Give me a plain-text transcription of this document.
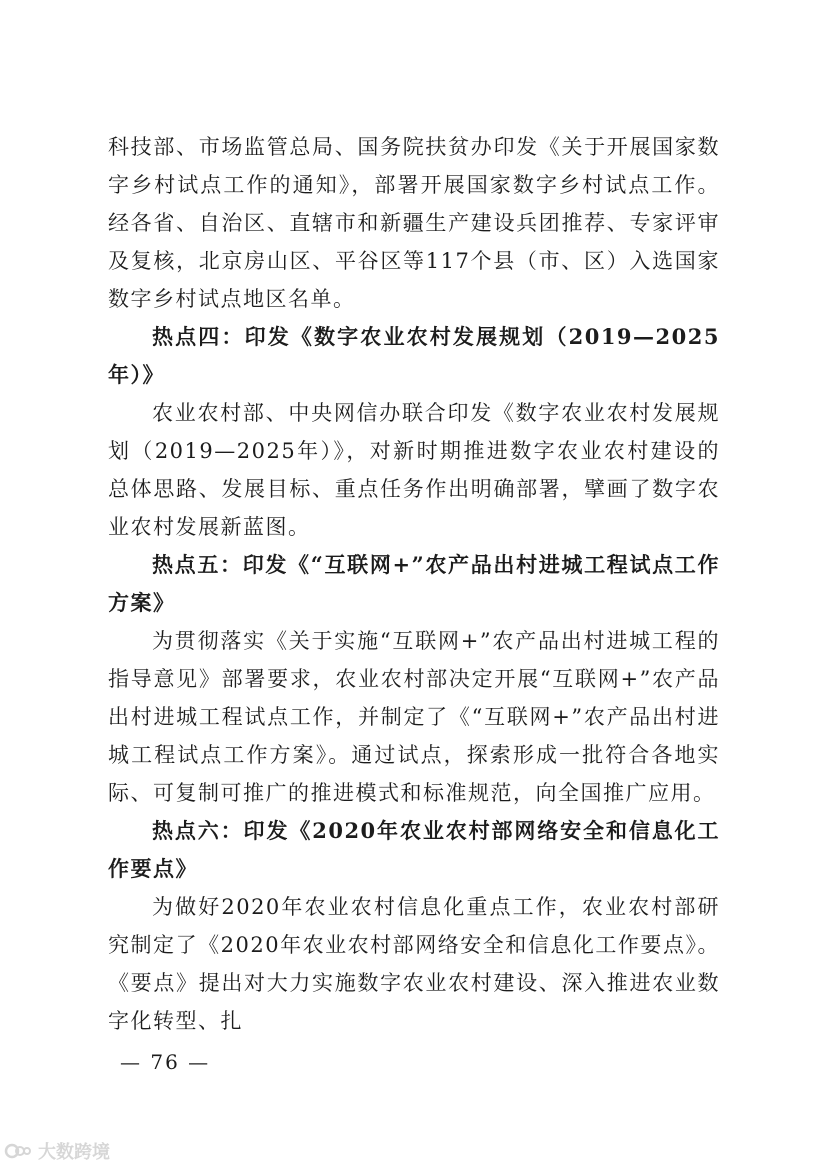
科技部、市场监管总局、国务院扶贫办印发《关于开展国家数字乡村试点工作的通知》，部署开展国家数字乡村试点工作。经各省、自治区、直辖市和新疆生产建设兵团推荐、专家评审及复核，北京房山区、平谷区等117个县（市、区）入选国家数字乡村试点地区名单。

热点四：印发《数字农业农村发展规划（2019—2025年）》

农业农村部、中央网信办联合印发《数字农业农村发展规划（2019—2025年）》，对新时期推进数字农业农村建设的总体思路、发展目标、重点任务作出明确部署，擘画了数字农业农村发展新蓝图。

热点五：印发《“互联网+”农产品出村进城工程试点工作方案》

为贯彻落实《关于实施“互联网+”农产品出村进城工程的指导意见》部署要求，农业农村部决定开展“互联网+”农产品出村进城工程试点工作，并制定了《“互联网+”农产品出村进城工程试点工作方案》。通过试点，探索形成一批符合各地实际、可复制可推广的推进模式和标准规范，向全国推广应用。

热点六：印发《2020年农业农村部网络安全和信息化工作要点》

为做好2020年农业农村信息化重点工作，农业农村部研究制定了《2020年农业农村部网络安全和信息化工作要点》。《要点》提出对大力实施数字农业农村建设、深入推进农业数字化转型、扎

— 76 —
大数跨境
